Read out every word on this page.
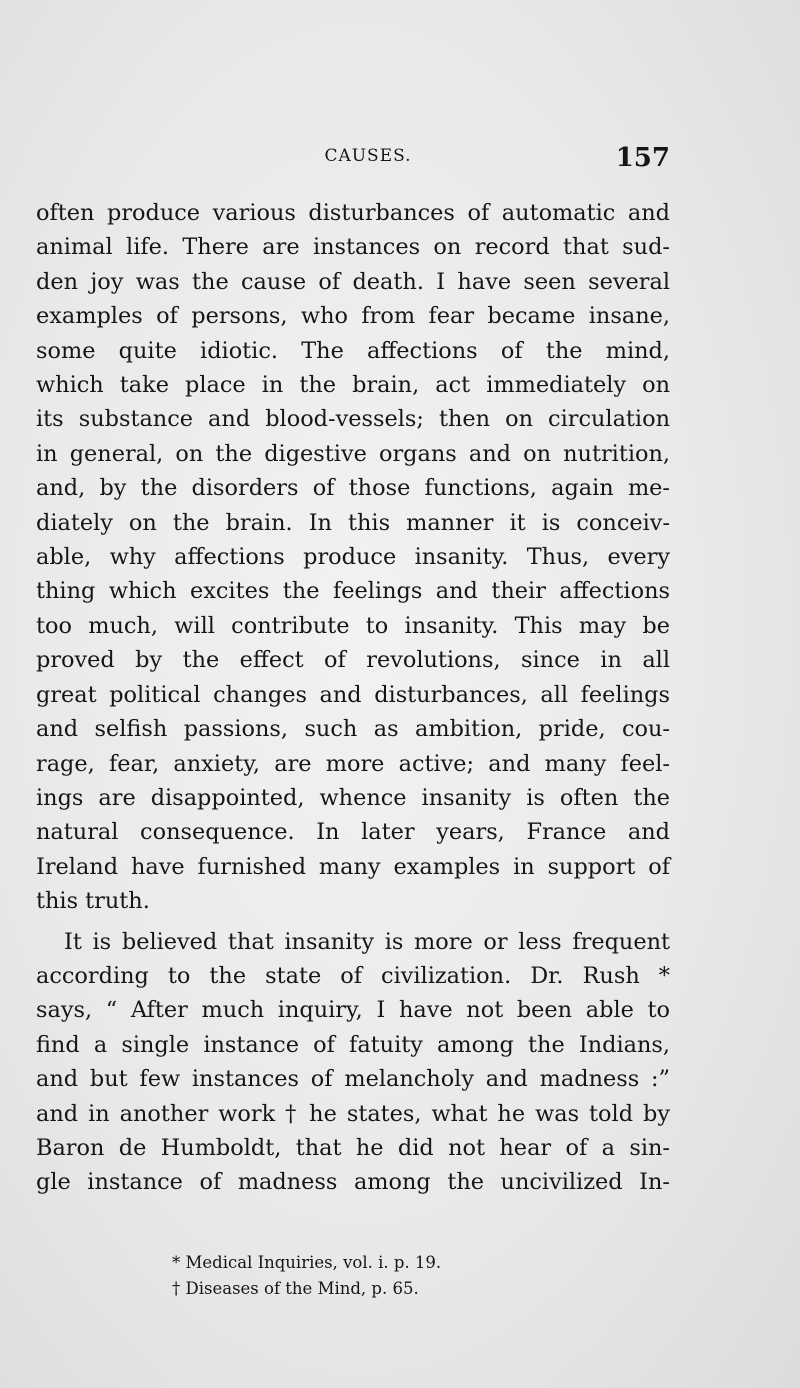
CAUSES.	157

often produce various disturbances of automatic and
animal life. There are instances on record that sud-
den joy was the cause of death. I have seen several
examples of persons, who from fear became insane,
some quite idiotic. The affections of the mind,
which take place in the brain, act immediately on
its substance and blood-vessels; then on circulation
in general, on the digestive organs and on nutrition,
and, by the disorders of those functions, again me-
diately on the brain. In this manner it is conceiv-
able, why affections produce insanity. Thus, every
thing which excites the feelings and their affections
too much, will contribute to insanity. This may be
proved by the effect of revolutions, since in all
great political changes and disturbances, all feelings
and selfish passions, such as ambition, pride, cou-
rage, fear, anxiety, are more active; and many feel-
ings are disappointed, whence insanity is often the
natural consequence. In later years, France and
Ireland have furnished many examples in support of
this truth.

It is believed that insanity is more or less frequent
according to the state of civilization. Dr. Rush *
says, “ After much inquiry, I have not been able to
find a single instance of fatuity among the Indians,
and but few instances of melancholy and madness :”
and in another work † he states, what he was told by
Baron de Humboldt, that he did not hear of a sin-
gle instance of madness among the uncivilized In-

* Medical Inquiries, vol. i. p. 19.
† Diseases of the Mind, p. 65.
